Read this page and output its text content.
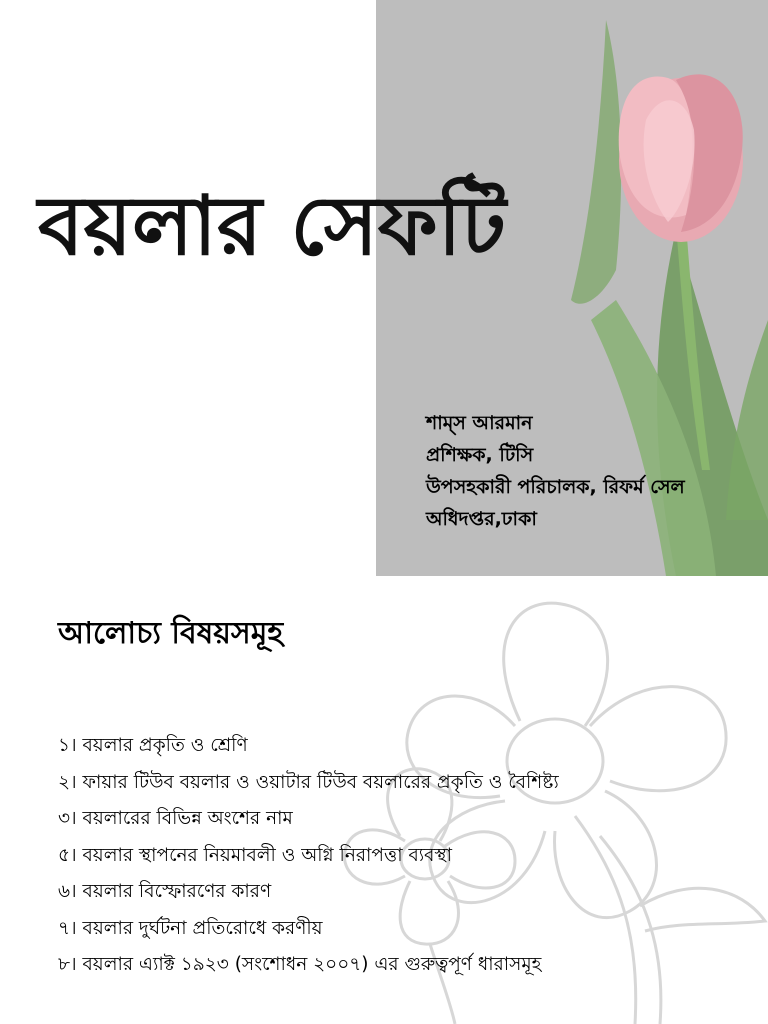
বয়লার সেফটি
শাম্‌স আরমান
প্রশিক্ষক, টিসি
উপসহকারী পরিচালক, রিফর্ম সেল
অধিদপ্তর,ঢাকা
আলোচ্য বিষয়সমূহ
১। বয়লার প্রকৃতি ও শ্রেণি
২। ফায়ার টিউব বয়লার ও ওয়াটার টিউব বয়লারের প্রকৃতি ও বৈশিষ্ট্য
৩। বয়লারের বিভিন্ন অংশের নাম
৫। বয়লার স্থাপনের নিয়মাবলী ও অগ্নি নিরাপত্তা ব্যবস্থা
৬। বয়লার বিস্ফোরণের কারণ
৭। বয়লার দুর্ঘটনা প্রতিরোধে করণীয়
৮। বয়লার এ্যাক্ট ১৯২৩ (সংশোধন ২০০৭) এর গুরুত্বপূর্ণ ধারাসমূহ
